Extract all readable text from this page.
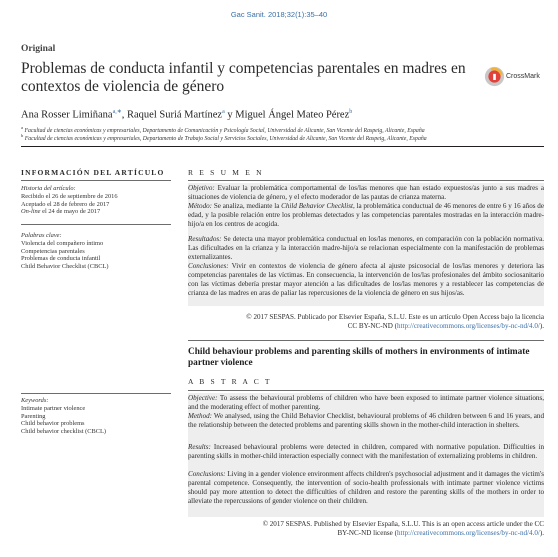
Gac Sanit. 2018;32(1):35–40
Original
Problemas de conducta infantil y competencias parentales en madres en contextos de violencia de género
CrossMark
Ana Rosser Limiñana$^{a,∗}$, Raquel Suriá Martínez$^a$ y Miguel Ángel Mateo Pérez$^b$
$^a$ Facultad de ciencias económicas y empresariales, Departamento de Comunicación y Psicología Social, Universidad de Alicante, San Vicente del Raspeig, Alicante, España
$^b$ Facultad de ciencias económicas y empresariales, Departamento de Trabajo Social y Servicios Sociales, Universidad de Alicante, San Vicente del Raspeig, Alicante, España
INFORMACIÓN DEL ARTÍCULO
Historia del artículo:
Recibido el 26 de septiembre de 2016
Aceptado el 28 de febrero de 2017
On-line el 24 de mayo de 2017
Palabras clave:
Violencia del compañero íntimo
Competencias parentales
Problemas de conducta infantil
Child Behavior Checklist (CBCL)
Keywords:
Intimate partner violence
Parenting
Child behavior problems
Child behavior checklist (CBCL)
R E S U M E N
Objetivo: Evaluar la problemática comportamental de los/las menores que han estado expuestos/as junto a sus madres a situaciones de violencia de género, y el efecto moderador de las pautas de crianza materna.
Método: Se analiza, mediante la Child Behavior Checklist, la problemática conductual de 46 menores de entre 6 y 16 años de edad, y la posible relación entre los problemas detectados y las competencias parentales mostradas en la interacción madre-hijo/a en los centros de acogida.
Resultados: Se detecta una mayor problemática conductual en los/las menores, en comparación con la población normativa. Las dificultades en la crianza y la interacción madre-hijo/a se relacionan especialmente con la manifestación de problemas externalizantes.
Conclusiones: Vivir en contextos de violencia de género afecta al ajuste psicosocial de los/las menores y deteriora las competencias parentales de las víctimas. En consecuencia, la intervención de los/las profesionales del ámbito sociosanitario con las víctimas debería prestar mayor atención a las dificultades de los/las menores y a restablecer las competencias de crianza de las madres en aras de paliar las repercusiones de la violencia de género en sus hijos/as.
© 2017 SESPAS. Publicado por Elsevier España, S.L.U. Este es un artículo Open Access bajo la licencia
CC BY-NC-ND (http://creativecommons.org/licenses/by-nc-nd/4.0/).
Child behaviour problems and parenting skills of mothers in environments of intimate partner violence
A B S T R A C T
Objective: To assess the behavioural problems of children who have been exposed to intimate partner violence situations, and the moderating effect of mother parenting.
Method: We analysed, using the Child Behavior Checklist, behavioural problems of 46 children between 6 and 16 years, and the relationship between the detected problems and parenting skills shown in the mother-child interaction in shelters.
Results: Increased behavioural problems were detected in children, compared with normative population. Difficulties in parenting skills in mother-child interaction especially connect with the manifestation of externalizing problems in children.
Conclusions: Living in a gender violence environment affects children's psychosocial adjustment and it damages the victim's parental competence. Consequently, the intervention of socio-health professionals with intimate partner violence victims should pay more attention to detect the difficulties of children and restore the parenting skills of the mothers in order to alleviate the repercussions of gender violence on their children.
© 2017 SESPAS. Published by Elsevier España, S.L.U. This is an open access article under the CC
BY-NC-ND license (http://creativecommons.org/licenses/by-nc-nd/4.0/).
